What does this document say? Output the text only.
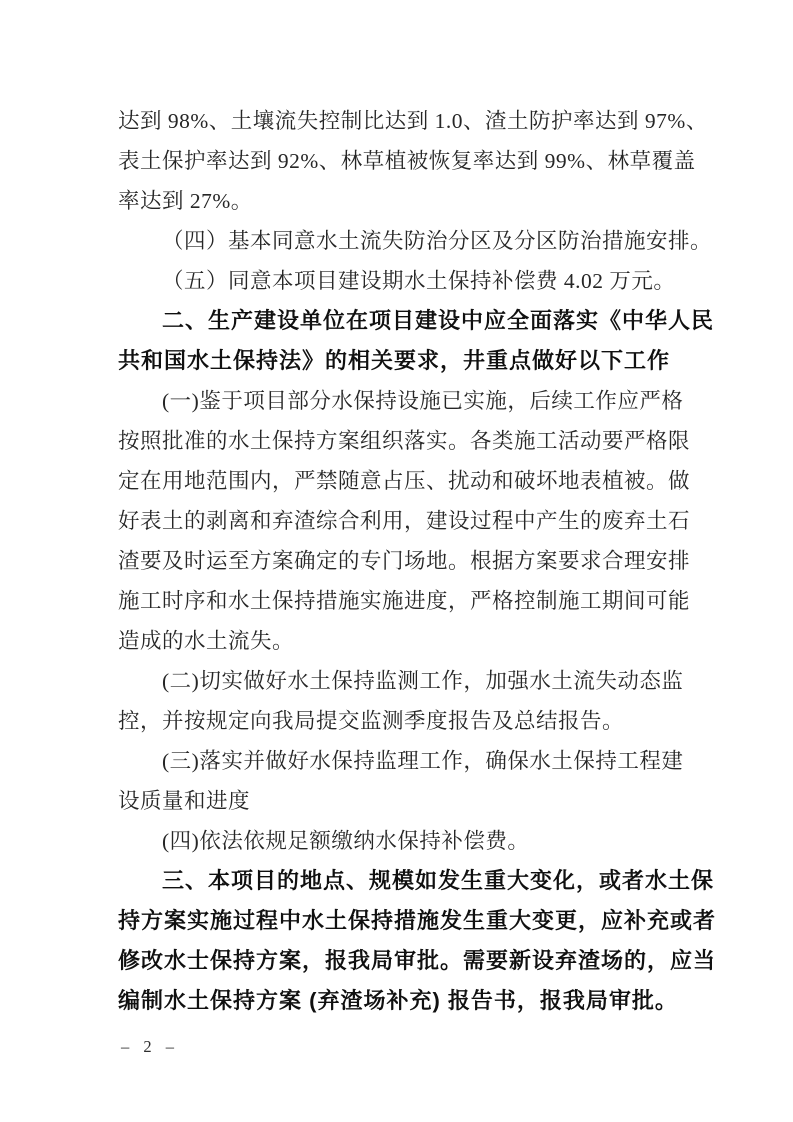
达到 98%、土壤流失控制比达到 1.0、渣土防护率达到 97%、
表土保护率达到 92%、林草植被恢复率达到 99%、林草覆盖
率达到 27%。
（四）基本同意水土流失防治分区及分区防治措施安排。
（五）同意本项目建设期水土保持补偿费 4.02 万元。
二、生产建设单位在项目建设中应全面落实《中华人民
共和国水土保持法》的相关要求，井重点做好以下工作
(一)鉴于项目部分水保持设施已实施，后续工作应严格
按照批准的水土保持方案组织落实。各类施工活动要严格限
定在用地范围内，严禁随意占压、扰动和破坏地表植被。做
好表土的剥离和弃渣综合利用，建设过程中产生的废弃土石
渣要及时运至方案确定的专门场地。根据方案要求合理安排
施工时序和水土保持措施实施进度，严格控制施工期间可能
造成的水土流失。
(二)切实做好水土保持监测工作，加强水土流失动态监
控，并按规定向我局提交监测季度报告及总结报告。
(三)落实并做好水保持监理工作，确保水土保持工程建
设质量和进度
(四)依法依规足额缴纳水保持补偿费。
三、本项目的地点、规模如发生重大变化，或者水土保
持方案实施过程中水土保持措施发生重大变更，应补充或者
修改水士保持方案，报我局审批。需要新设弃渣场的，应当
编制水土保持方案 (弃渣场补充) 报告书，报我局审批。
– 2 –
